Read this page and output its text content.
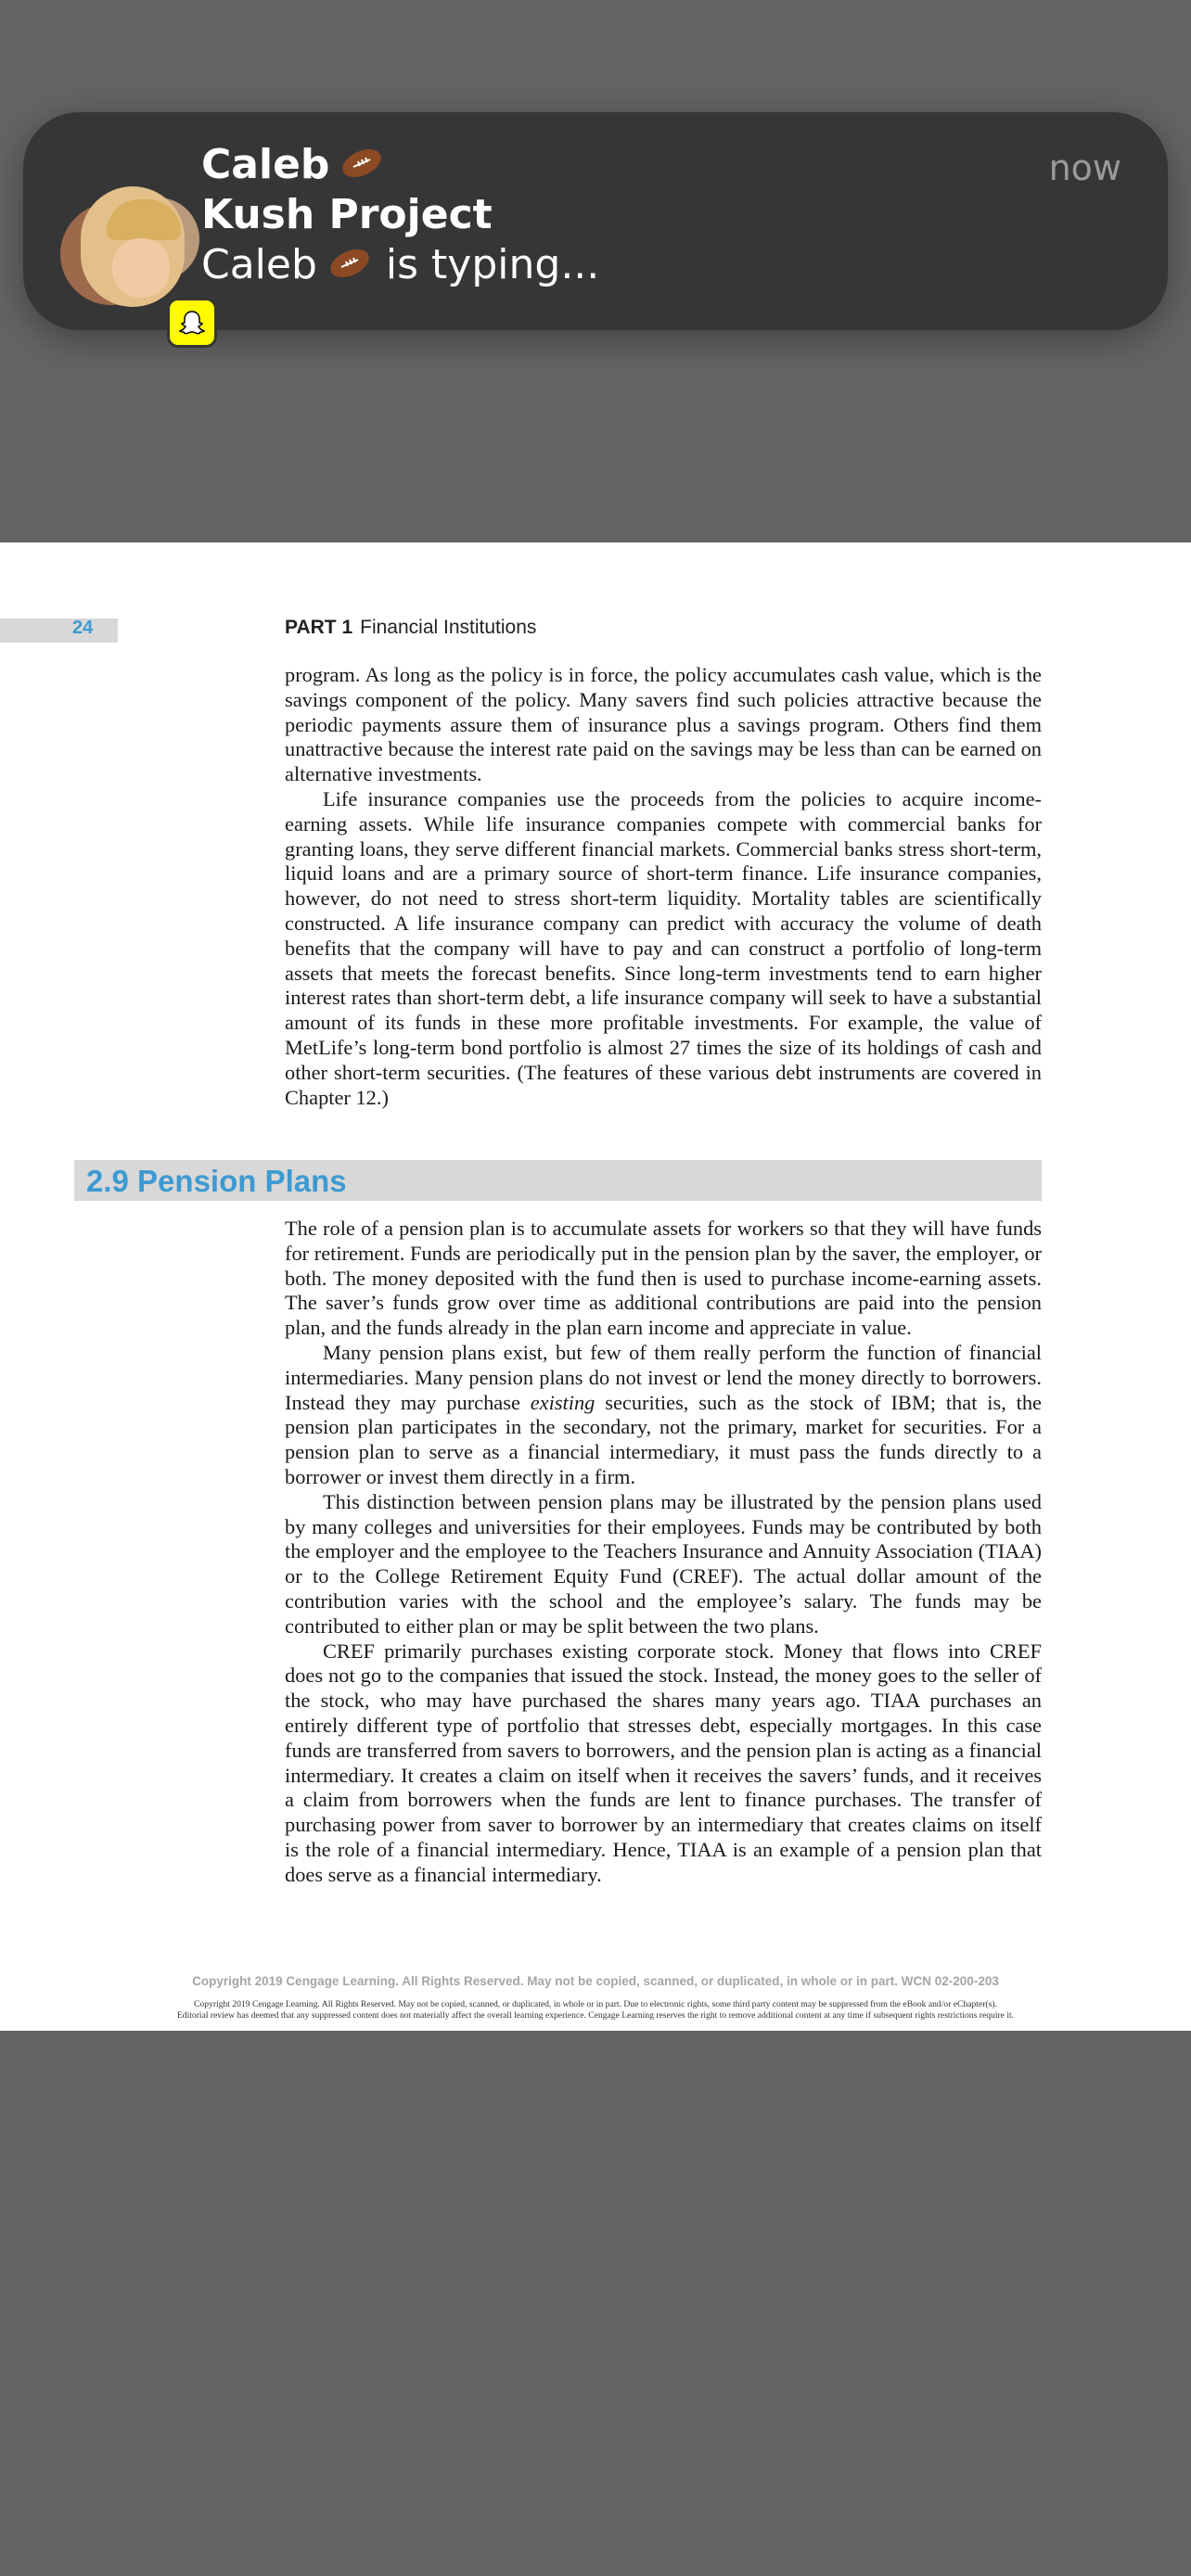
Caleb
Kush Project
Caleb is typing...
now
24	PART 1 Financial Institutions

program. As long as the policy is in force, the policy accumulates cash value, which is the savings component of the policy. Many savers find such policies attractive because the periodic payments assure them of insurance plus a savings program. Others find them unattractive because the interest rate paid on the savings may be less than can be earned on alternative investments.

Life insurance companies use the proceeds from the policies to acquire income-earning assets. While life insurance companies compete with commercial banks for granting loans, they serve different financial markets. Commercial banks stress short-term, liquid loans and are a primary source of short-term finance. Life insurance companies, however, do not need to stress short-term liquidity. Mortality tables are scientifically constructed. A life insurance company can predict with accuracy the volume of death benefits that the company will have to pay and can construct a portfolio of long-term assets that meets the forecast benefits. Since long-term investments tend to earn higher interest rates than short-term debt, a life insurance company will seek to have a substantial amount of its funds in these more profitable investments. For example, the value of MetLife’s long-term bond portfolio is almost 27 times the size of its holdings of cash and other short-term securities. (The features of these various debt instruments are covered in Chapter 12.)

2.9 Pension Plans

The role of a pension plan is to accumulate assets for workers so that they will have funds for retirement. Funds are periodically put in the pension plan by the saver, the employer, or both. The money deposited with the fund then is used to purchase income-earning assets. The saver’s funds grow over time as additional contributions are paid into the pension plan, and the funds already in the plan earn income and appreciate in value.

Many pension plans exist, but few of them really perform the function of financial intermediaries. Many pension plans do not invest or lend the money directly to borrowers. Instead they may purchase existing securities, such as the stock of IBM; that is, the pension plan participates in the secondary, not the primary, market for securities. For a pension plan to serve as a financial intermediary, it must pass the funds directly to a borrower or invest them directly in a firm.

This distinction between pension plans may be illustrated by the pension plans used by many colleges and universities for their employees. Funds may be contributed by both the employer and the employee to the Teachers Insurance and Annuity Association (TIAA) or to the College Retirement Equity Fund (CREF). The actual dollar amount of the contribution varies with the school and the employee’s salary. The funds may be contributed to either plan or may be split between the two plans.

CREF primarily purchases existing corporate stock. Money that flows into CREF does not go to the companies that issued the stock. Instead, the money goes to the seller of the stock, who may have purchased the shares many years ago. TIAA purchases an entirely different type of portfolio that stresses debt, especially mortgages. In this case funds are transferred from savers to borrowers, and the pension plan is acting as a financial intermediary. It creates a claim on itself when it receives the savers’ funds, and it receives a claim from borrowers when the funds are lent to finance purchases. The transfer of purchasing power from saver to borrower by an intermediary that creates claims on itself is the role of a financial intermediary. Hence, TIAA is an example of a pension plan that does serve as a financial intermediary.

Copyright 2019 Cengage Learning. All Rights Reserved. May not be copied, scanned, or duplicated, in whole or in part. WCN 02-200-203
Copyright 2019 Cengage Learning. All Rights Reserved. May not be copied, scanned, or duplicated, in whole or in part. Due to electronic rights, some third party content may be suppressed from the eBook and/or eChapter(s).
Editorial review has deemed that any suppressed content does not materially affect the overall learning experience. Cengage Learning reserves the right to remove additional content at any time if subsequent rights restrictions require it.
